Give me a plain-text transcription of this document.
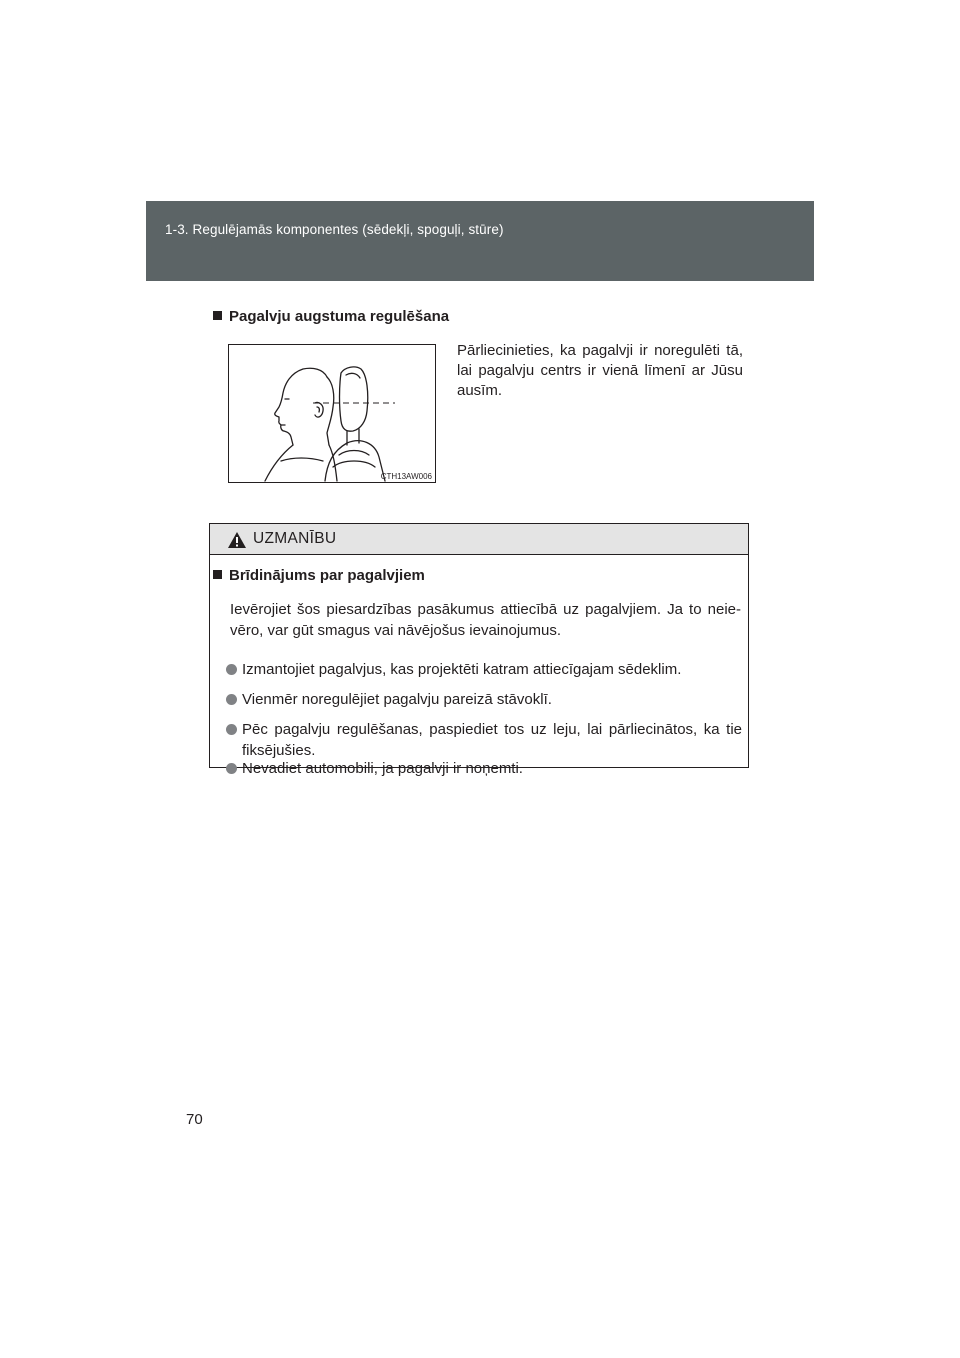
1-3. Regulējamās komponentes (sēdekļi, spoguļi, stūre)
Pagalvju augstuma regulēšana
CTH13AW006
Pārliecinieties, ka pagalvji ir noregulēti tā, lai pagalvju centrs ir vienā līmenī ar Jūsu ausīm.
UZMANĪBU
Brīdinājums par pagalvjiem
Ievērojiet šos piesardzības pasākumus attiecībā uz pagalvjiem. Ja to neie-vēro, var gūt smagus vai nāvējošus ievainojumus.
Izmantojiet pagalvjus, kas projektēti katram attiecīgajam sēdeklim.
Vienmēr noregulējiet pagalvju pareizā stāvoklī.
Pēc pagalvju regulēšanas, paspiediet tos uz leju, lai pārliecinātos, ka tie fiksējušies.
Nevadiet automobili, ja pagalvji ir noņemti.
70
